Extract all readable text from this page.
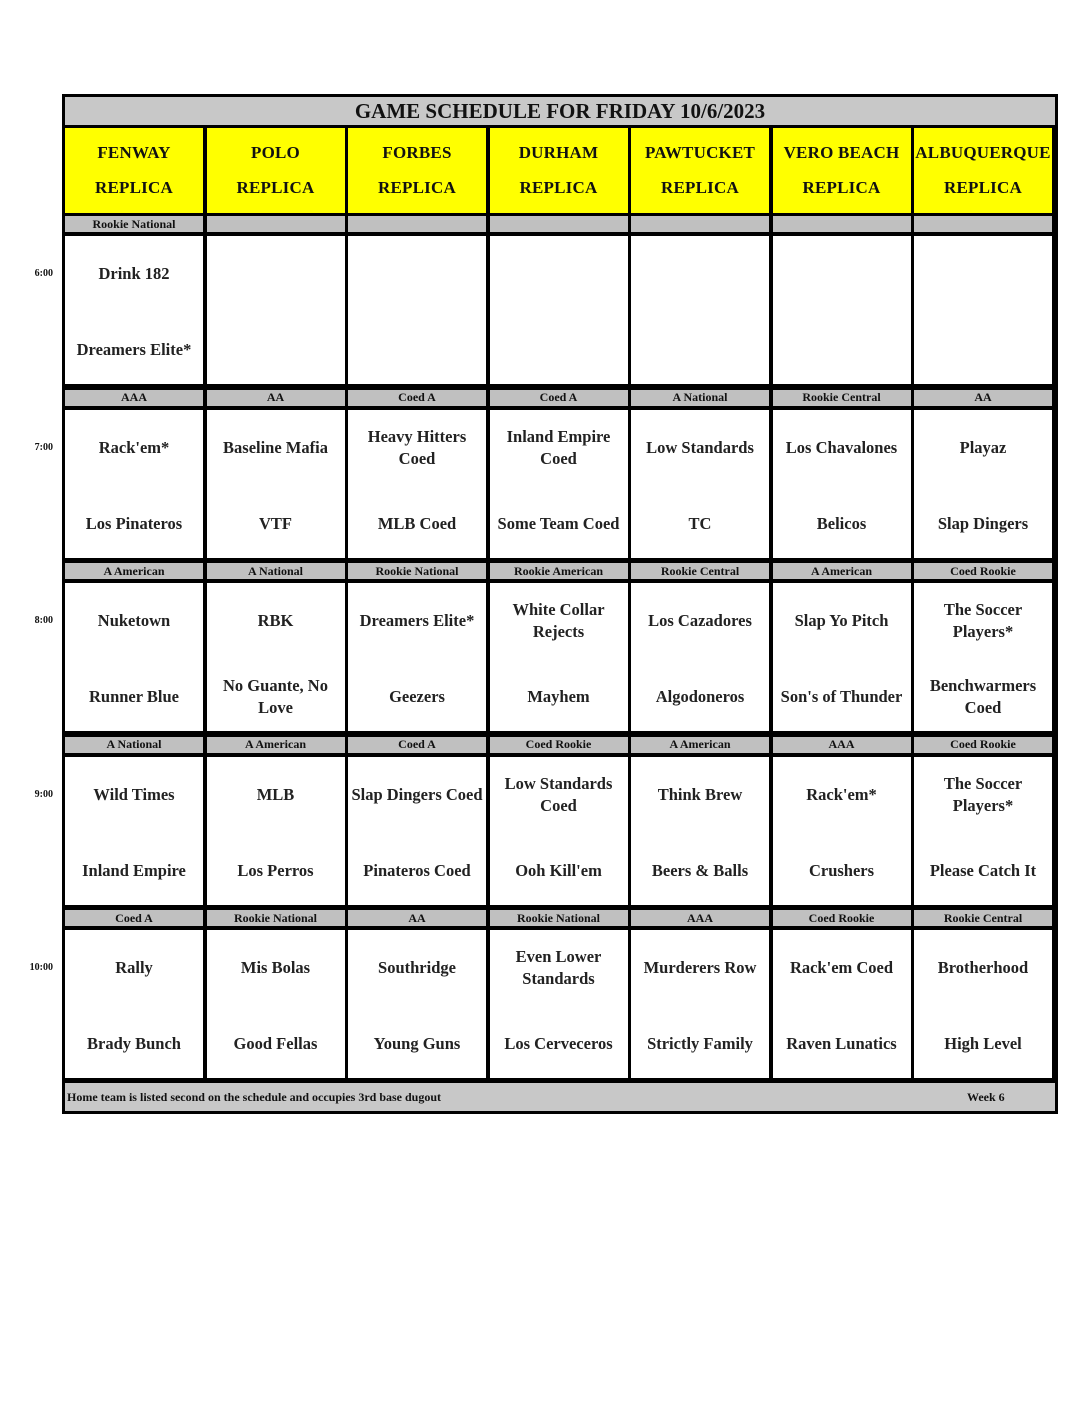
GAME SCHEDULE FOR FRIDAY 10/6/2023
FENWAY
REPLICA
POLO
REPLICA
FORBES
REPLICA
DURHAM
REPLICA
PAWTUCKET
REPLICA
VERO BEACH
REPLICA
ALBUQUERQUE
REPLICA
Rookie National
Drink 182
Dreamers Elite*
AAA
Rack'em*
Los Pinateros
AA
Baseline Mafia
VTF
Coed A
Heavy Hitters Coed
MLB Coed
Coed A
Inland Empire Coed
Some Team Coed
A National
Low Standards
TC
Rookie Central
Los Chavalones
Belicos
AA
Playaz
Slap Dingers
A American
Nuketown
Runner Blue
A National
RBK
No Guante, No Love
Rookie National
Dreamers Elite*
Geezers
Rookie American
White Collar Rejects
Mayhem
Rookie Central
Los Cazadores
Algodoneros
A American
Slap Yo Pitch
Son's of Thunder
Coed Rookie
The Soccer Players*
Benchwarmers Coed
A National
Wild Times
Inland Empire
A American
MLB
Los Perros
Coed A
Slap Dingers Coed
Pinateros Coed
Coed Rookie
Low Standards Coed
Ooh Kill'em
A American
Think Brew
Beers & Balls
AAA
Rack'em*
Crushers
Coed Rookie
The Soccer Players*
Please Catch It
Coed A
Rally
Brady Bunch
Rookie National
Mis Bolas
Good Fellas
AA
Southridge
Young Guns
Rookie National
Even Lower Standards
Los Cerveceros
AAA
Murderers Row
Strictly Family
Coed Rookie
Rack'em Coed
Raven Lunatics
Rookie Central
Brotherhood
High Level
Home team is listed second on the schedule and occupies 3rd base dugout	Week 6
6:00
7:00
8:00
9:00
10:00
